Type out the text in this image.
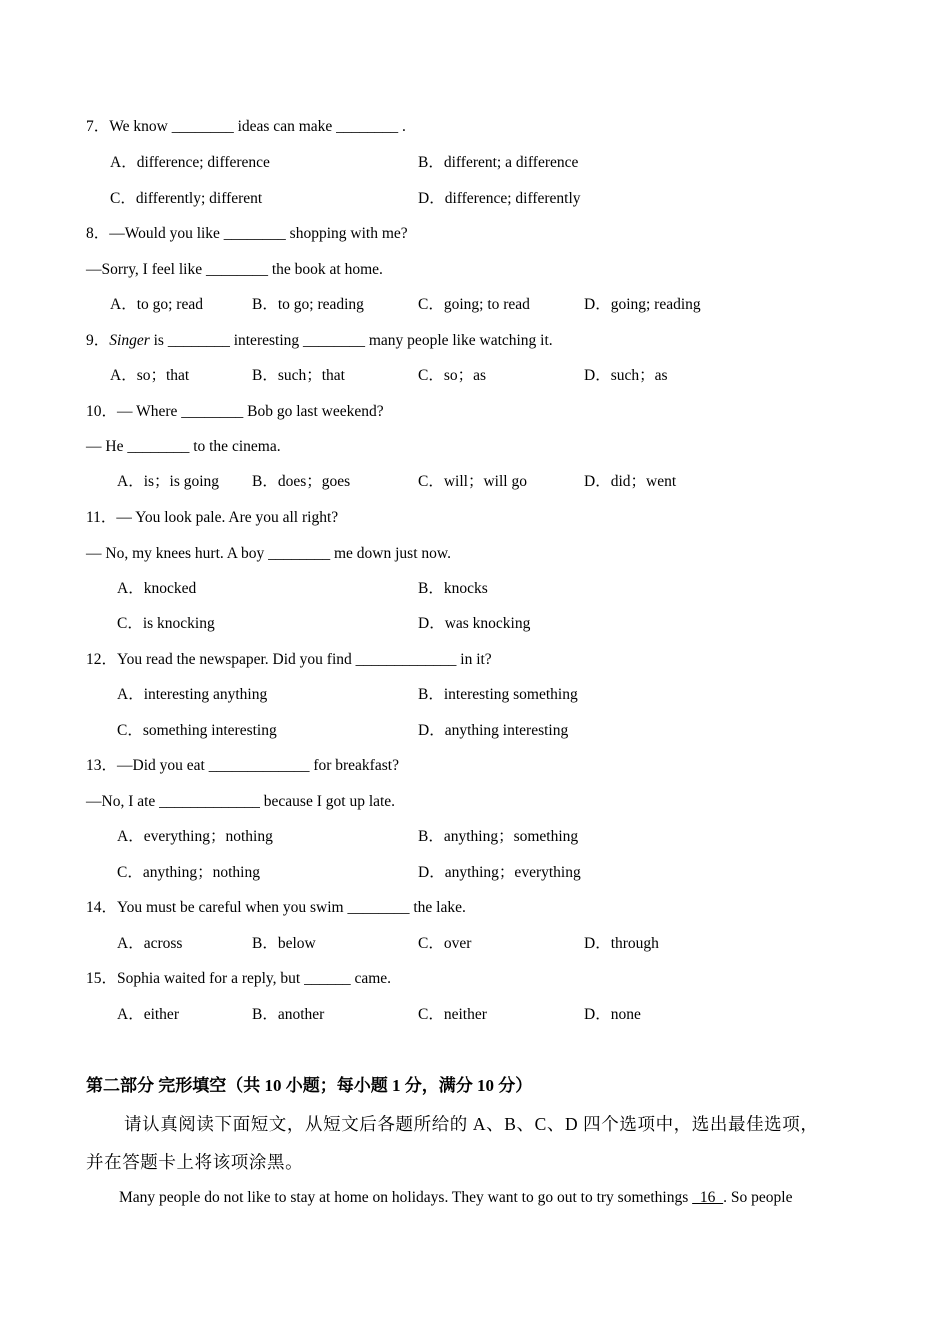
7．We know ________ ideas can make ________ .
A．difference; difference	B．different; a difference
C．differently; different	D．difference; differently
8．—Would you like ________ shopping with me?
—Sorry, I feel like ________ the book at home.
A．to go; read	B．to go; reading	C．going; to read	D．going; reading
9．Singer is ________ interesting ________ many people like watching it.
A．so；that	B．such；that	C．so；as	D．such；as
10．— Where ________ Bob go last weekend?
— He ________ to the cinema.
A．is；is going B．does；goes	C．will；will go	D．did；went
11．— You look pale. Are you all right?
— No, my knees hurt. A boy ________ me down just now.
A．knocked	B．knocks
C．is knocking	D．was knocking
12．You read the newspaper. Did you find _____________ in it?
A．interesting anything	B．interesting something
C．something interesting	D．anything interesting
13．—Did you eat _____________ for breakfast?
—No, I ate _____________ because I got up late.
A．everything；nothing	B．anything；something
C．anything；nothing	D．anything；everything
14．You must be careful when you swim ________ the lake.
A．across	B．below	C．over	D．through
15．Sophia waited for a reply, but ______ came.
A．either	B．another	C．neither	D．none
第二部分 完形填空（共 10 小题；每小题 1 分，满分 10 分）
请认真阅读下面短文，从短文后各题所给的 A、B、C、D 四个选项中，选出最佳选项，
并在答题卡上将该项涂黑。
Many people do not like to stay at home on holidays. They want to go out to try somethings   16  . So people
